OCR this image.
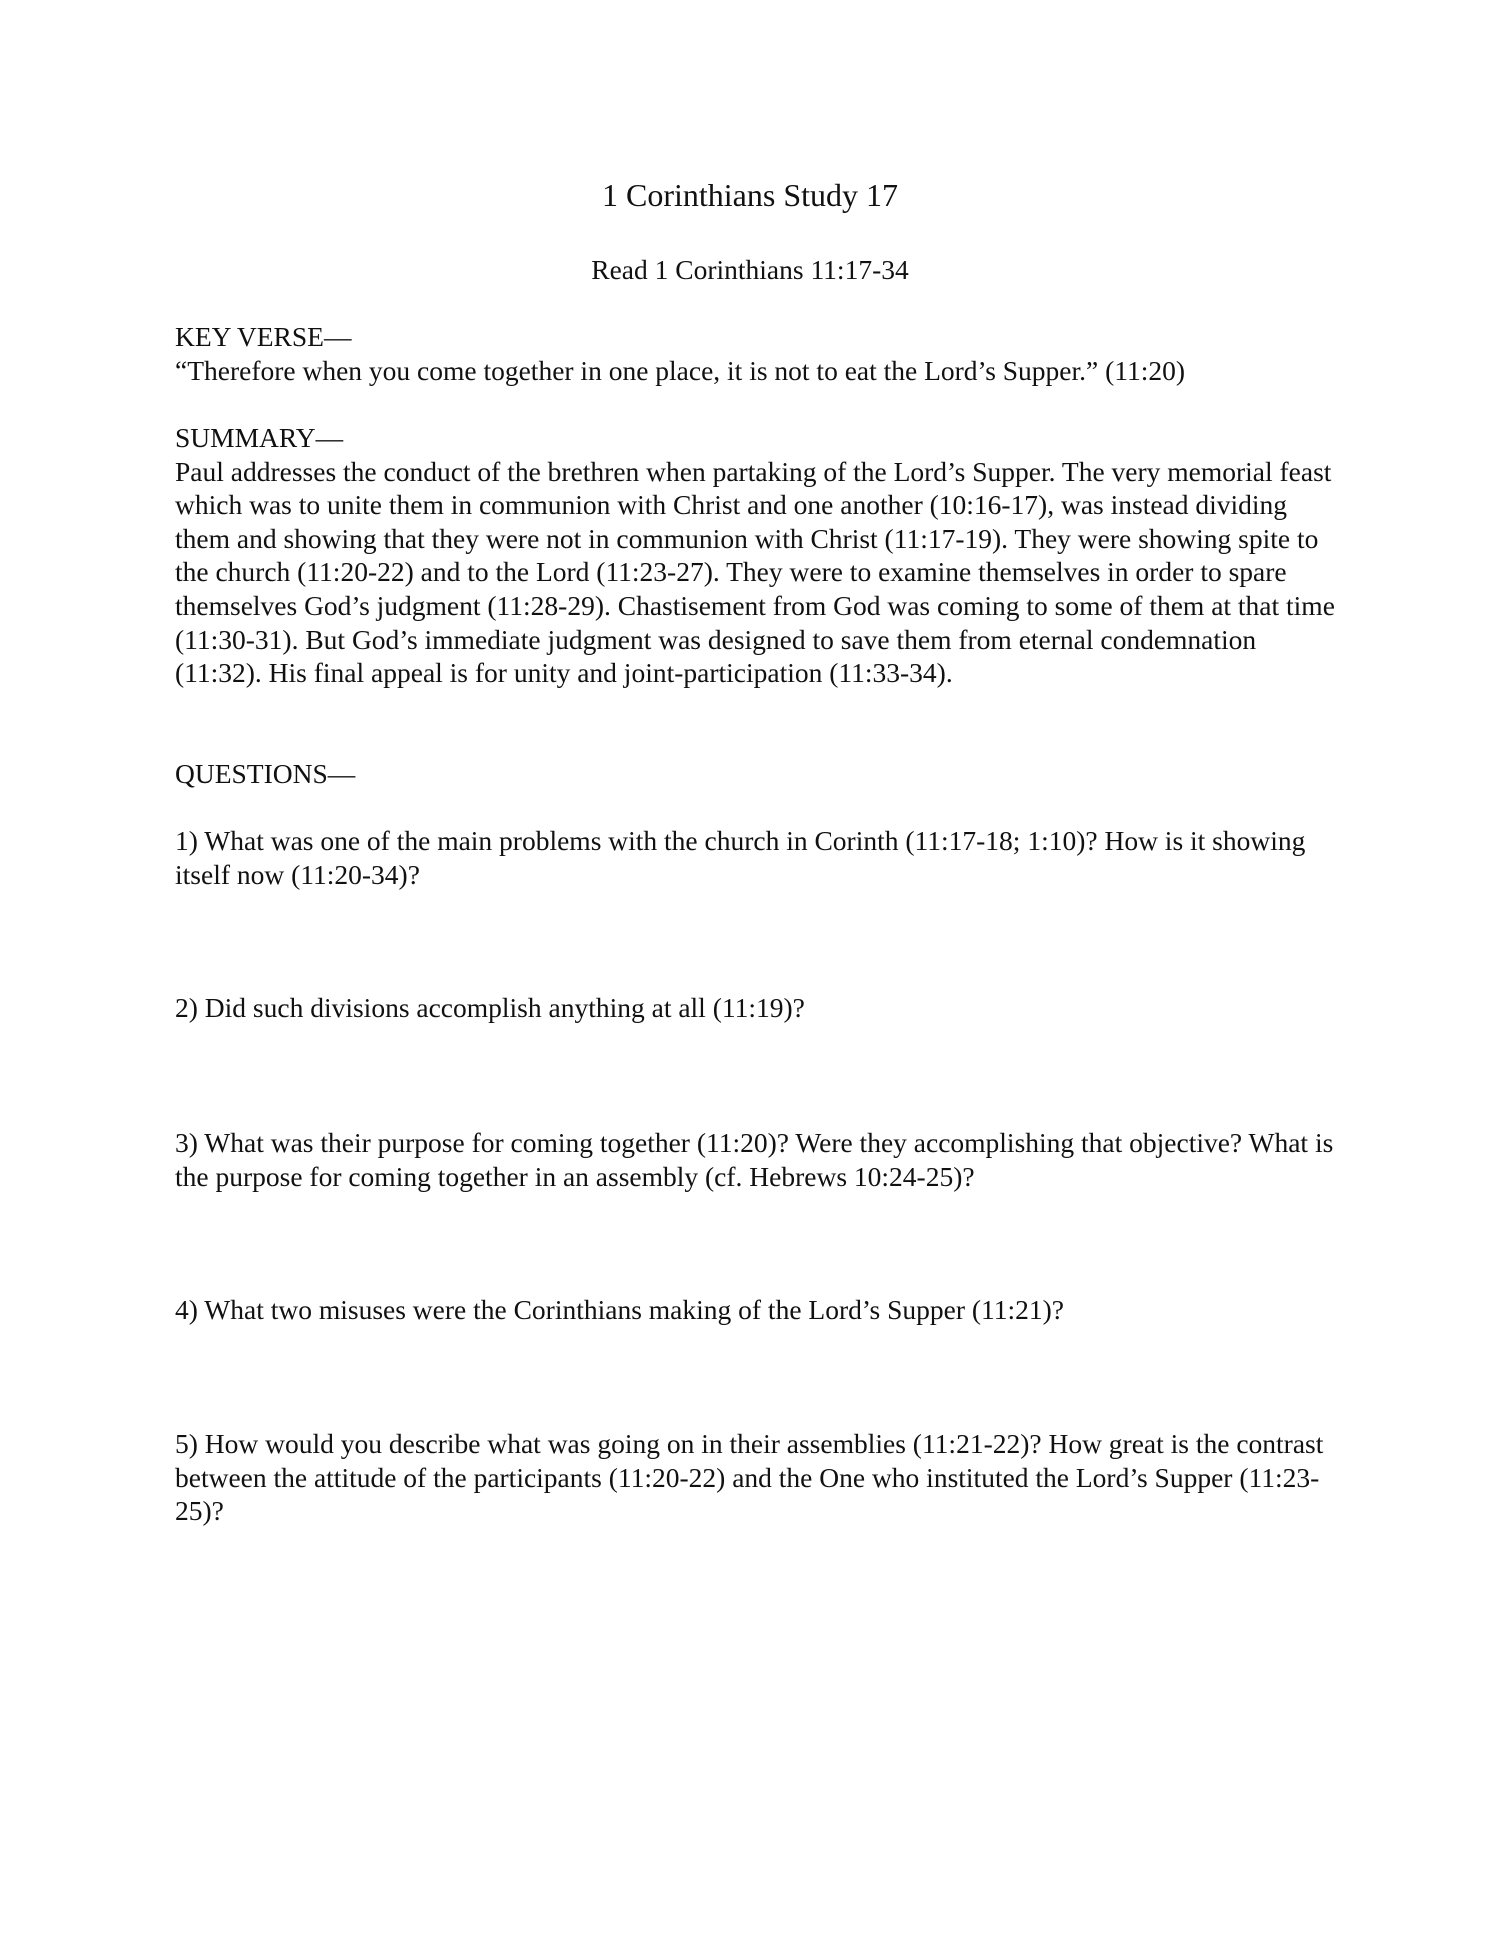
1 Corinthians Study 17
Read 1 Corinthians 11:17-34

KEY VERSE—

“Therefore when you come together in one place, it is not to eat the Lord’s Supper.” (11:20)

SUMMARY—

Paul addresses the conduct of the brethren when partaking of the Lord’s Supper. The very memorial feast which was to unite them in communion with Christ and one another (10:16-17), was instead dividing them and showing that they were not in communion with Christ (11:17-19). They were showing spite to the church (11:20-22) and to the Lord (11:23-27). They were to examine themselves in order to spare themselves God’s judgment (11:28-29). Chastisement from God was coming to some of them at that time (11:30-31). But God’s immediate judgment was designed to save them from eternal condemnation (11:32). His final appeal is for unity and joint-participation (11:33-34).

QUESTIONS—

1) What was one of the main problems with the church in Corinth (11:17-18; 1:10)? How is it showing itself now (11:20-34)?

2) Did such divisions accomplish anything at all (11:19)?

3) What was their purpose for coming together (11:20)? Were they accomplishing that objective? What is the purpose for coming together in an assembly (cf. Hebrews 10:24-25)?

4) What two misuses were the Corinthians making of the Lord’s Supper (11:21)?

5) How would you describe what was going on in their assemblies (11:21-22)? How great is the contrast between the attitude of the participants (11:20-22) and the One who instituted the Lord’s Supper (11:23-25)?
